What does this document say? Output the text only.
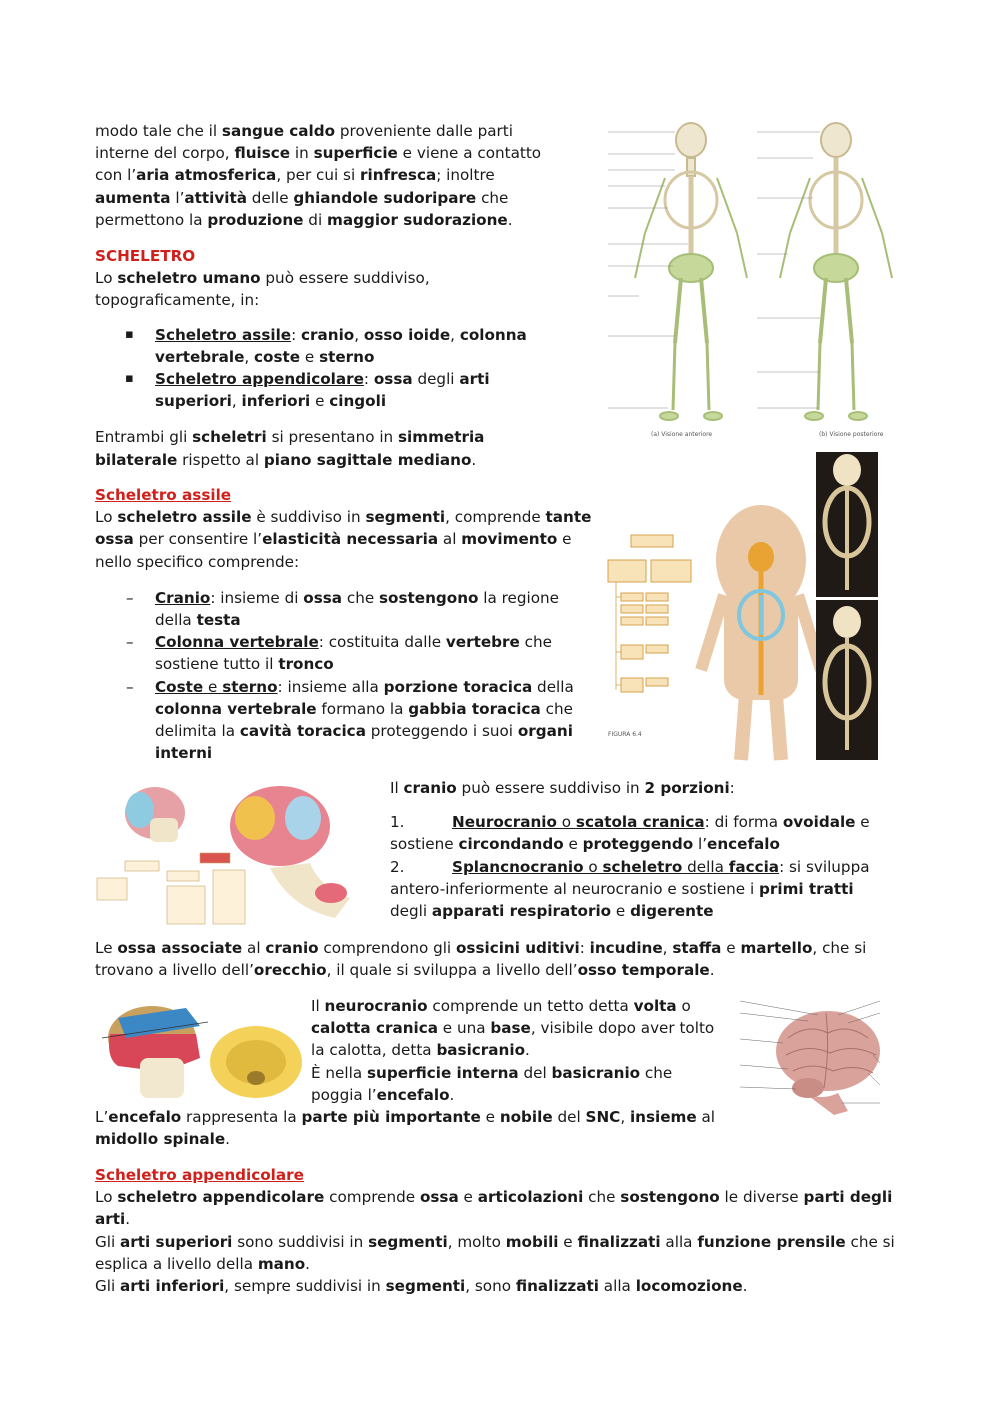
modo tale che il sangue caldo proveniente dalle parti interne del corpo, fluisce in superficie e viene a contatto con l’aria atmosferica, per cui si rinfresca; inoltre aumenta l’attività delle ghiandole sudoripare che permettono la produzione di maggior sudorazione.

SCHELETRO

Lo scheletro umano può essere suddiviso, topograficamente, in:

▪ Scheletro assile: cranio, osso ioide, colonna vertebrale, coste e sterno
▪ Scheletro appendicolare: ossa degli arti superiori, inferiori e cingoli

Entrambi gli scheletri si presentano in simmetria bilaterale rispetto al piano sagittale mediano.

Scheletro assile

Lo scheletro assile è suddiviso in segmenti, comprende tante ossa per consentire l’elasticità necessaria al movimento e nello specifico comprende:

– Cranio: insieme di ossa che sostengono la regione della testa
– Colonna vertebrale: costituita dalle vertebre che sostiene tutto il tronco
– Coste e sterno: insieme alla porzione toracica della colonna vertebrale formano la gabbia toracica che delimita la cavità toracica proteggendo i suoi organi interni

Il cranio può essere suddiviso in 2 porzioni:

1.	Neurocranio o scatola cranica: di forma ovoidale e sostiene circondando e proteggendo l’encefalo

2.	Splancnocranio o scheletro della faccia: si sviluppa antero-inferiormente al neurocranio e sostiene i primi tratti degli apparati respiratorio e digerente

Le ossa associate al cranio comprendono gli ossicini uditivi: incudine, staffa e martello, che si trovano a livello dell’orecchio, il quale si sviluppa a livello dell’osso temporale.

Il neurocranio comprende un tetto detta volta o calotta cranica e una base, visibile dopo aver tolto la calotta, detta basicranio.

È nella superficie interna del basicranio che poggia l’encefalo.

L’encefalo rappresenta la parte più importante e nobile del SNC, insieme al midollo spinale.

Scheletro appendicolare

Lo scheletro appendicolare comprende ossa e articolazioni che sostengono le diverse parti degli arti.

Gli arti superiori sono suddivisi in segmenti, molto mobili e finalizzati alla funzione prensile che si esplica a livello della mano.

Gli arti inferiori, sempre suddivisi in segmenti, sono finalizzati alla locomozione.

(a) Visione anteriore	(b) Visione posteriore
FIGURA 6.4
